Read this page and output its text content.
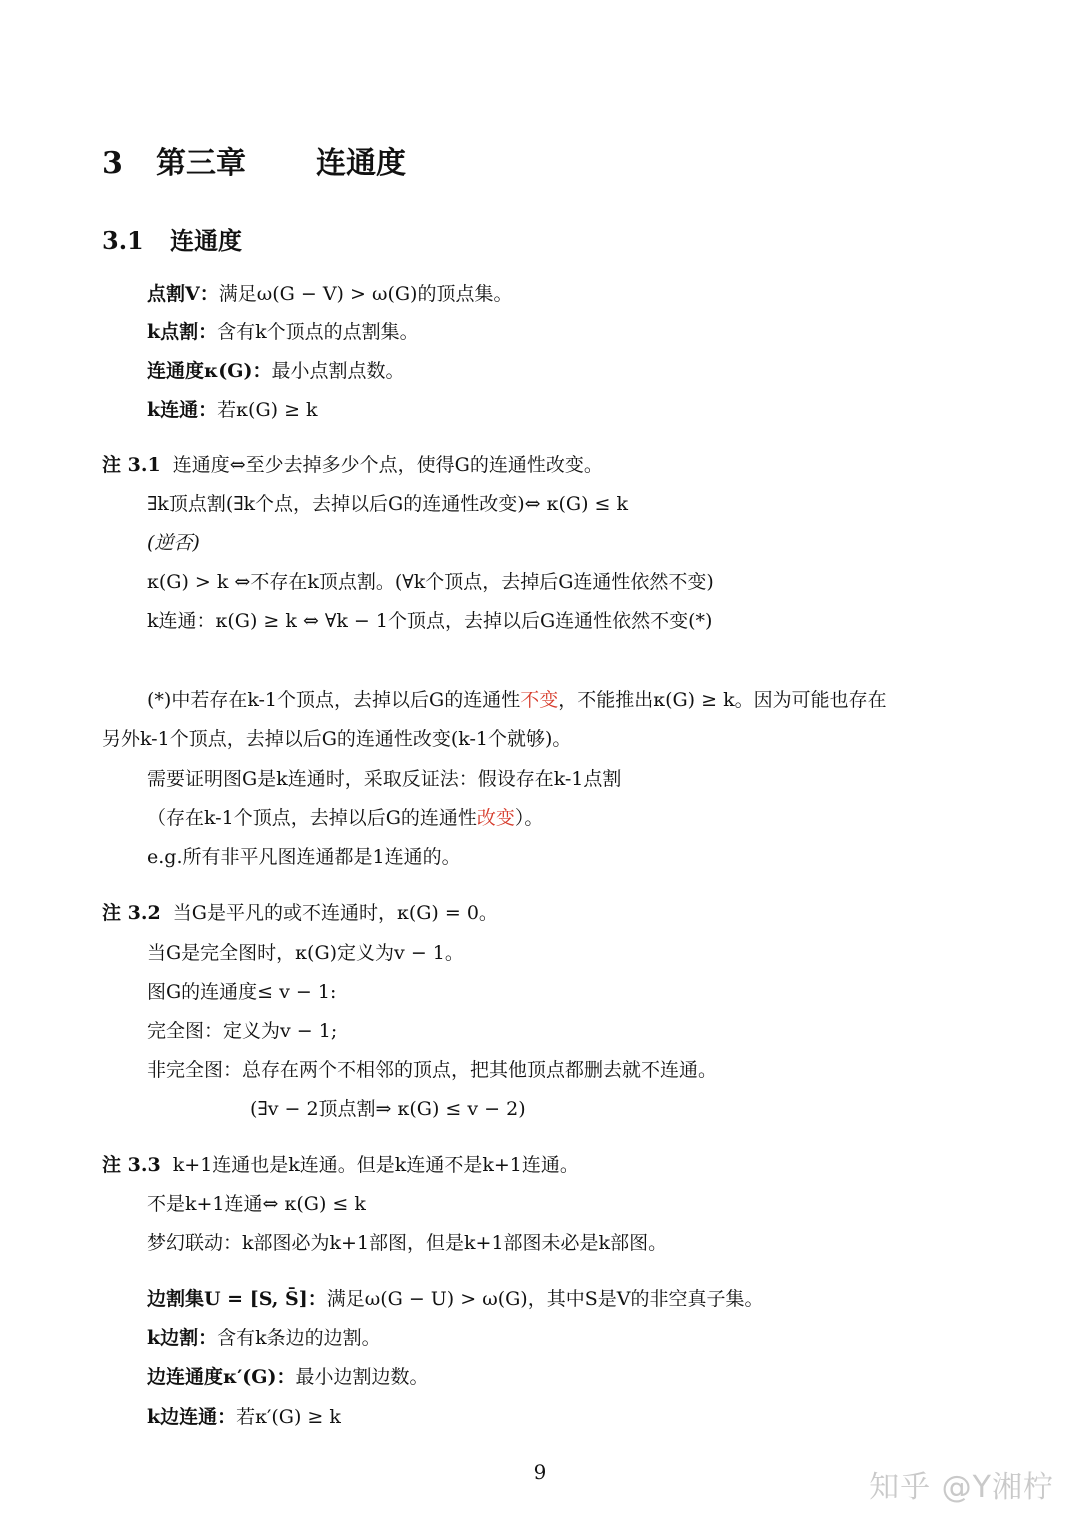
3 第三章 连通度
3.1 连通度
点割V：满足ω(G − V) > ω(G)的顶点集。
k点割：含有k个顶点的点割集。
连通度κ(G)：最小点割点数。
k连通：若κ(G) ≥ k
注 3.1 连通度⇔至少去掉多少个点，使得G的连通性改变。
∃k顶点割(∃k个点，去掉以后G的连通性改变)⇔ κ(G) ≤ k
(逆否)
κ(G) > k ⇔不存在k顶点割。(∀k个顶点，去掉后G连通性依然不变)
k连通：κ(G) ≥ k ⇔ ∀k − 1个顶点，去掉以后G连通性依然不变(*)
(*)中若存在k-1个顶点，去掉以后G的连通性不变，不能推出κ(G) ≥ k。因为可能也存在
另外k-1个顶点，去掉以后G的连通性改变(k-1个就够)。
需要证明图G是k连通时，采取反证法：假设存在k-1点割
（存在k-1个顶点，去掉以后G的连通性改变）。
e.g.所有非平凡图连通都是1连通的。
注 3.2 当G是平凡的或不连通时，κ(G) = 0。
当G是完全图时，κ(G)定义为v − 1。
图G的连通度≤ v − 1:
完全图：定义为v − 1;
非完全图：总存在两个不相邻的顶点，把其他顶点都删去就不连通。
(∃v − 2顶点割⇒ κ(G) ≤ v − 2)
注 3.3 k+1连通也是k连通。但是k连通不是k+1连通。
不是k+1连通⇔ κ(G) ≤ k
梦幻联动：k部图必为k+1部图，但是k+1部图未必是k部图。
边割集U = [S, S̄]：满足ω(G − U) > ω(G)，其中S是V的非空真子集。
k边割：含有k条边的边割。
边连通度κ′(G)：最小边割边数。
k边连通：若κ′(G) ≥ k
9	知乎 @Y湘柠
